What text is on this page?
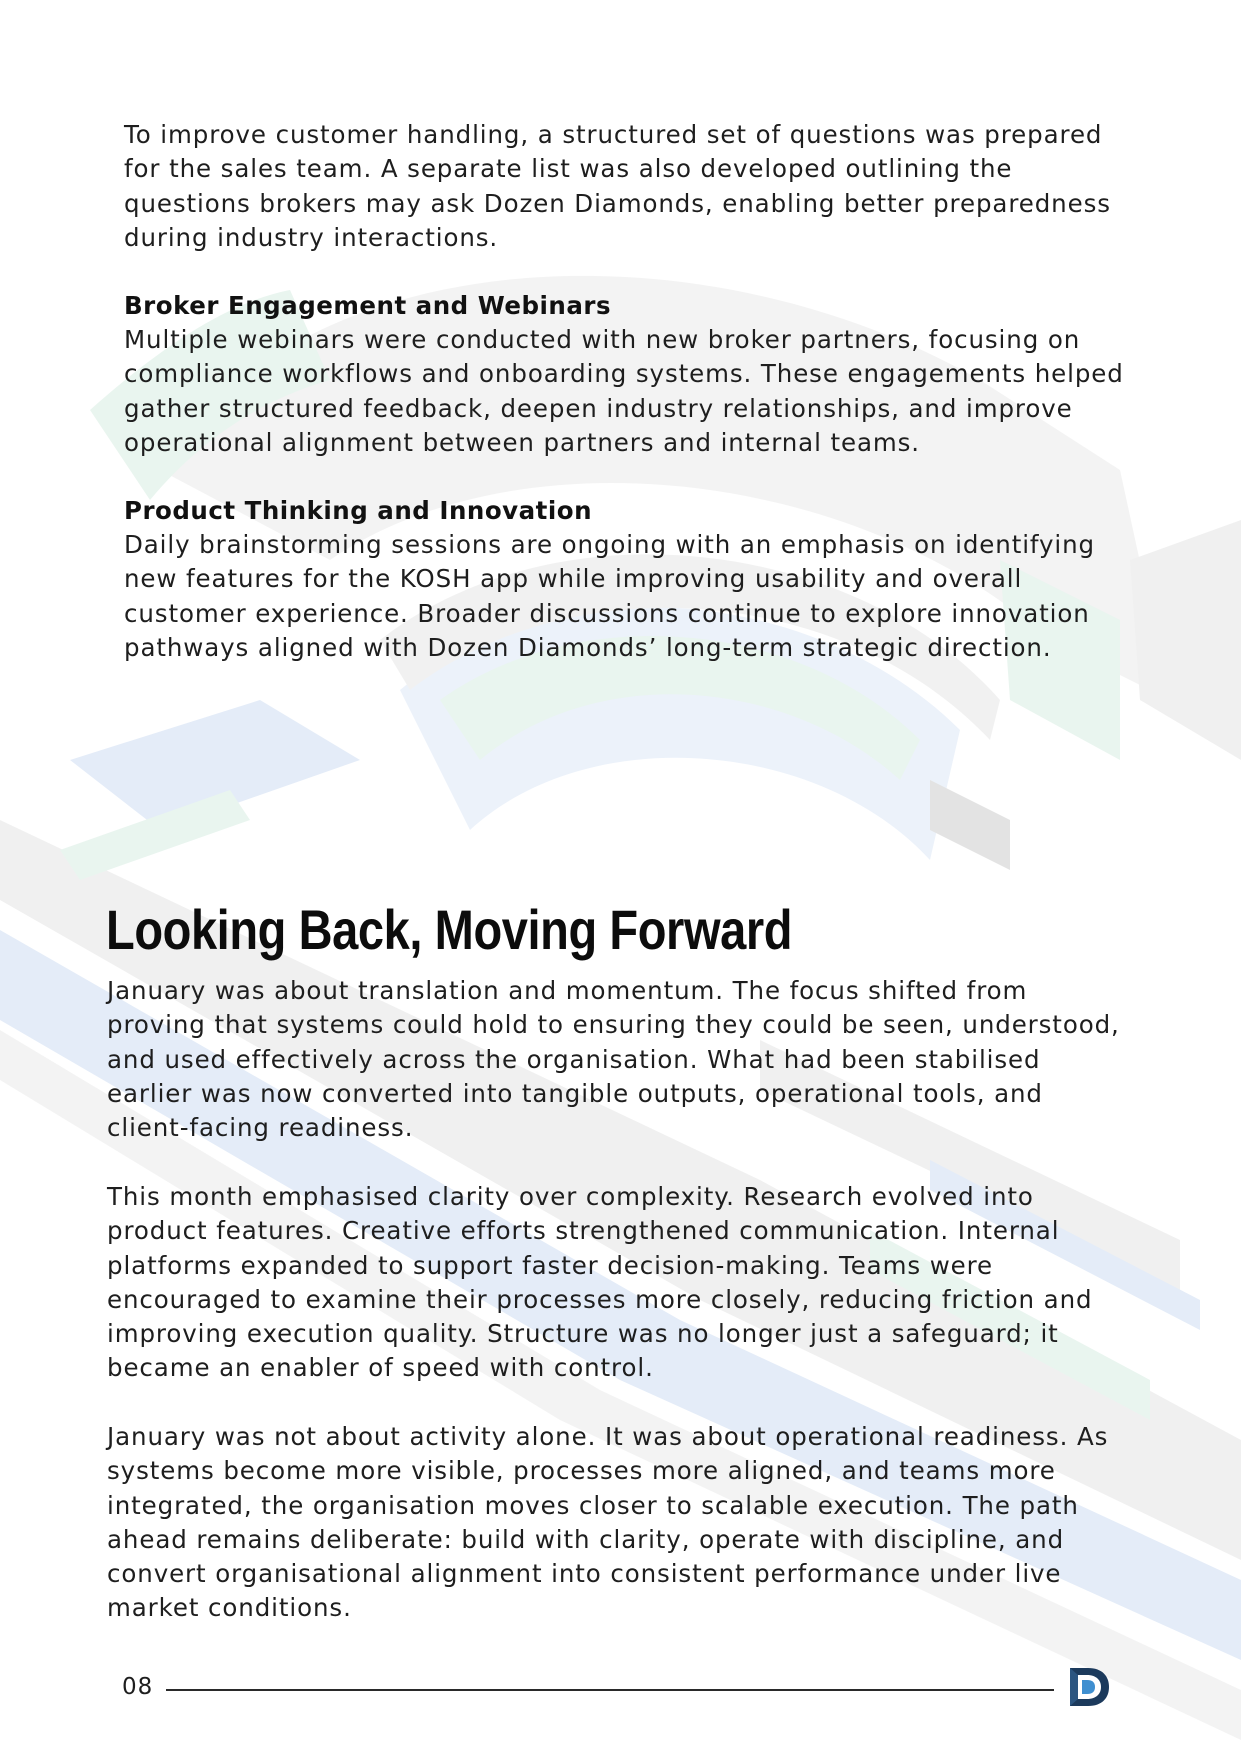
To improve customer handling, a structured set of questions was prepared for the sales team. A separate list was also developed outlining the questions brokers may ask Dozen Diamonds, enabling better preparedness during industry interactions.

Broker Engagement and Webinars

Multiple webinars were conducted with new broker partners, focusing on compliance workflows and onboarding systems. These engagements helped gather structured feedback, deepen industry relationships, and improve operational alignment between partners and internal teams.

Product Thinking and Innovation

Daily brainstorming sessions are ongoing with an emphasis on identifying new features for the KOSH app while improving usability and overall customer experience. Broader discussions continue to explore innovation pathways aligned with Dozen Diamonds’ long-term strategic direction.

Looking Back, Moving Forward

January was about translation and momentum. The focus shifted from proving that systems could hold to ensuring they could be seen, understood, and used effectively across the organisation. What had been stabilised earlier was now converted into tangible outputs, operational tools, and client-facing readiness.

This month emphasised clarity over complexity. Research evolved into product features. Creative efforts strengthened communication. Internal platforms expanded to support faster decision-making. Teams were encouraged to examine their processes more closely, reducing friction and improving execution quality. Structure was no longer just a safeguard; it became an enabler of speed with control.

January was not about activity alone. It was about operational readiness. As systems become more visible, processes more aligned, and teams more integrated, the organisation moves closer to scalable execution. The path ahead remains deliberate: build with clarity, operate with discipline, and convert organisational alignment into consistent performance under live market conditions.

08
